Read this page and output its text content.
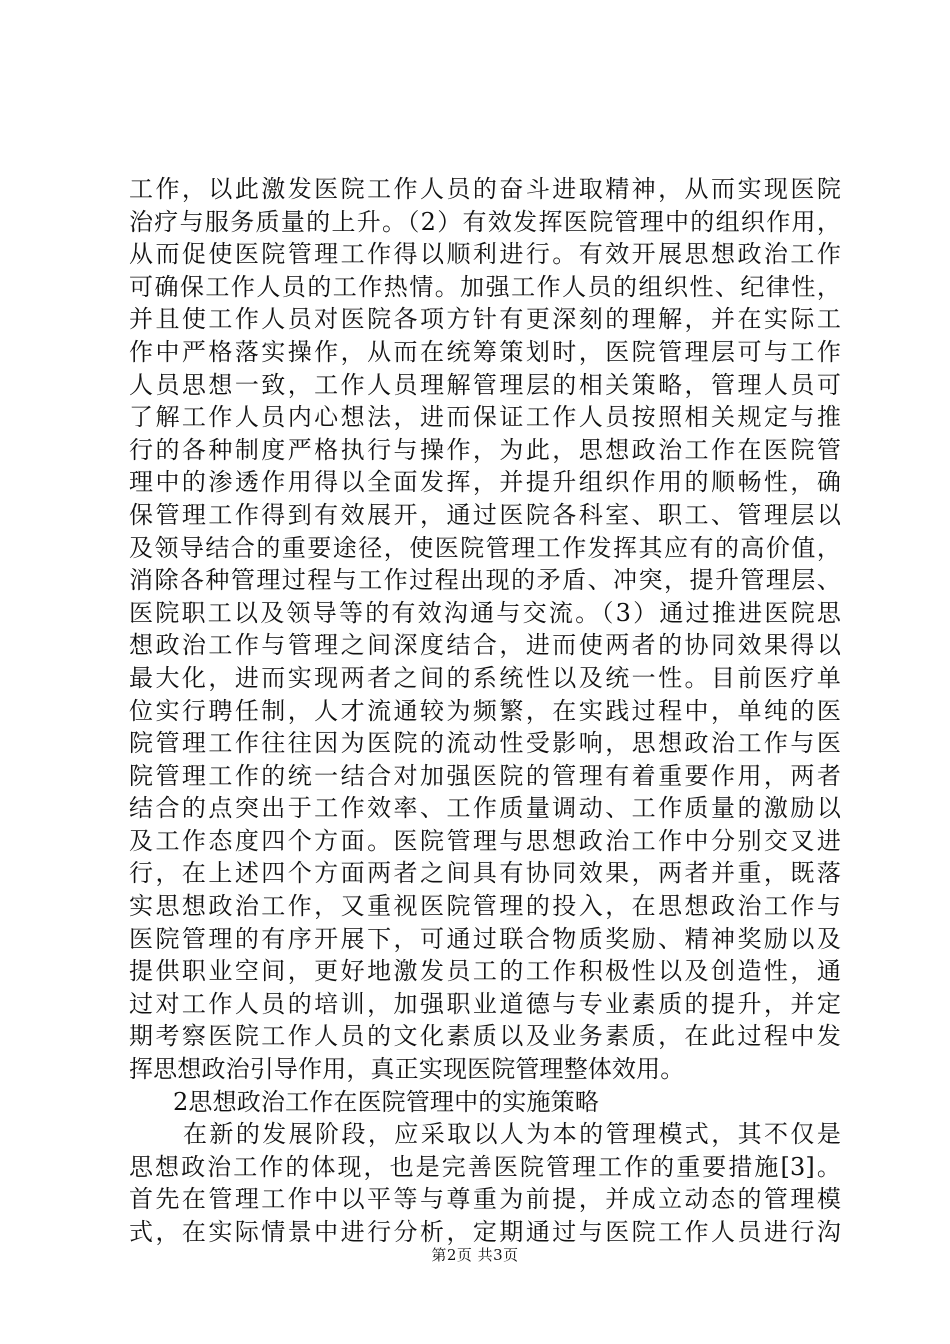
工作，以此激发医院工作人员的奋斗进取精神，从而实现医院
治疗与服务质量的上升。（2）有效发挥医院管理中的组织作用，
从而促使医院管理工作得以顺利进行。有效开展思想政治工作
可确保工作人员的工作热情。加强工作人员的组织性、纪律性，
并且使工作人员对医院各项方针有更深刻的理解，并在实际工
作中严格落实操作，从而在统筹策划时，医院管理层可与工作
人员思想一致，工作人员理解管理层的相关策略，管理人员可
了解工作人员内心想法，进而保证工作人员按照相关规定与推
行的各种制度严格执行与操作，为此，思想政治工作在医院管
理中的渗透作用得以全面发挥，并提升组织作用的顺畅性，确
保管理工作得到有效展开，通过医院各科室、职工、管理层以
及领导结合的重要途径，使医院管理工作发挥其应有的高价值，
消除各种管理过程与工作过程出现的矛盾、冲突，提升管理层、
医院职工以及领导等的有效沟通与交流。（3）通过推进医院思
想政治工作与管理之间深度结合，进而使两者的协同效果得以
最大化，进而实现两者之间的系统性以及统一性。目前医疗单
位实行聘任制，人才流通较为频繁，在实践过程中，单纯的医
院管理工作往往因为医院的流动性受影响，思想政治工作与医
院管理工作的统一结合对加强医院的管理有着重要作用，两者
结合的点突出于工作效率、工作质量调动、工作质量的激励以
及工作态度四个方面。医院管理与思想政治工作中分别交叉进
行，在上述四个方面两者之间具有协同效果，两者并重，既落
实思想政治工作，又重视医院管理的投入，在思想政治工作与
医院管理的有序开展下，可通过联合物质奖励、精神奖励以及
提供职业空间，更好地激发员工的工作积极性以及创造性，通
过对工作人员的培训，加强职业道德与专业素质的提升，并定
期考察医院工作人员的文化素质以及业务素质，在此过程中发
挥思想政治引导作用，真正实现医院管理整体效用。
2思想政治工作在医院管理中的实施策略
在新的发展阶段，应采取以人为本的管理模式，其不仅是
思想政治工作的体现，也是完善医院管理工作的重要措施[3]。
首先在管理工作中以平等与尊重为前提，并成立动态的管理模
式，在实际情景中进行分析，定期通过与医院工作人员进行沟
第2页 共3页
